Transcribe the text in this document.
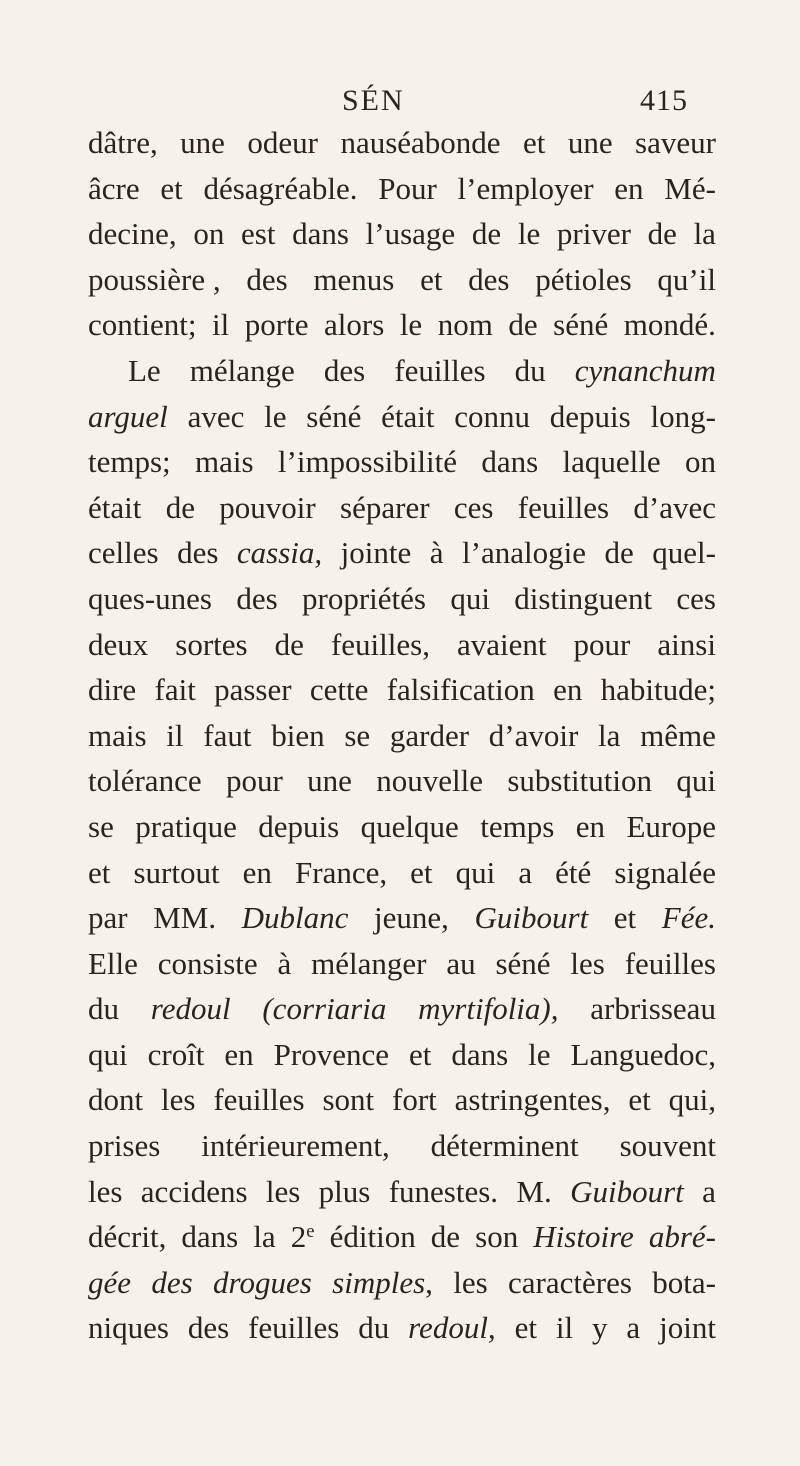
SÉN	415
dâtre, une odeur nauséabonde et une saveur
âcre et désagréable. Pour l’employer en Mé-
decine, on est dans l’usage de le priver de la
poussière , des menus et des pétioles qu’il
contient; il porte alors le nom de séné mondé.
Le mélange des feuilles du cynanchum
arguel avec le séné était connu depuis long-
temps; mais l’impossibilité dans laquelle on
était de pouvoir séparer ces feuilles d’avec
celles des cassia, jointe à l’analogie de quel-
ques-unes des propriétés qui distinguent ces
deux sortes de feuilles, avaient pour ainsi
dire fait passer cette falsification en habitude;
mais il faut bien se garder d’avoir la même
tolérance pour une nouvelle substitution qui
se pratique depuis quelque temps en Europe
et surtout en France, et qui a été signalée
par MM. Dublanc jeune, Guibourt et Fée.
Elle consiste à mélanger au séné les feuilles
du redoul (corriaria myrtifolia), arbrisseau
qui croît en Provence et dans le Languedoc,
dont les feuilles sont fort astringentes, et qui,
prises intérieurement, déterminent souvent
les accidens les plus funestes. M. Guibourt a
décrit, dans la 2e édition de son Histoire abré-
gée des drogues simples, les caractères bota-
niques des feuilles du redoul, et il y a joint
